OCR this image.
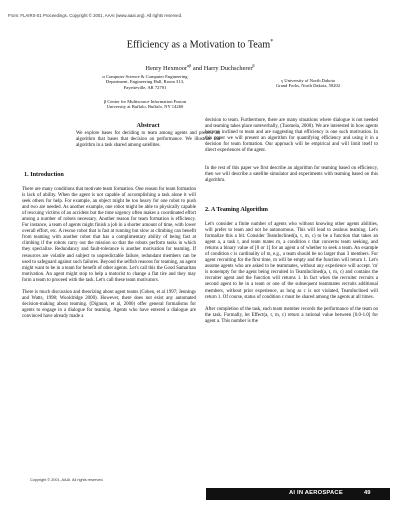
From: FLAIRS-01 Proceedings. Copyright © 2001, AAAI (www.aaai.org). All rights reserved.
Efficiency as a Motivation to Team*
Henry Hexmoor$^{\alpha\beta}$ and Harry Duchscherer$^\beta$
α Computer Science & Computer Engineering
Department, Engineering Hall, Room 313,
Fayetteville, AR 72701
γ University of North Dakota
Grand Forks, North Dakota, 58202
β Center for Multisource Information Fusion
University at Buffalo, Buffalo, NY 14260
Abstract
We explore bases for deciding to team among agents and present an algorithm that bases that decision on performance. We illustrate the algorithm in a task shared among satellites.
1. Introduction

There are many conditions that motivate team formation. One reason for team formation is lack of ability. When the agent is not capable of accomplishing a task alone it will seek others for help. For example, an object might be too heavy for one robot to push and two are needed. As another example, one robot might be able to physically capable of rescuing victims of an accident but the time urgency often makes a coordinated effort among a number of robots necessary. Another reason for team formation is efficiency. For instance, a team of agents might finish a job in a shorter amount of time, with lower overall effort, etc. A rescue robot that is fast at running but slow at climbing can benefit from teaming with another robot that has a complimentary ability of being fast at climbing if the robots carry out the mission so that the robots perform tasks in which they specialize. Redundancy and fault-tolerance is another motivation for teaming. If resources are volatile and subject to unpredictable failure, redundant members can be used to safeguard against such failures. Beyond the selfish reasons for teaming, an agent might want to be in a team for benefit of other agents. Let's call this the Good Samaritan motivation. An agent might stop to help a motorist to change a flat tire and they may form a team to proceed with the task. Let's call these team motivators.

There is much discussion and theorizing about agent teams (Cohen, et al 1997; Jennings and Watts, 1998; Wooldridge 2000). However, there does not exist any automated decision-making about teaming. (Dignum, et al, 2000) offer general formalisms for agents to engage in a dialogue for teaming. Agents who have entered a dialogue are convinced have already made a

decision to team. Furthermore, there are many situations where dialogue is not needed and teaming takes place noteverbally, (Tuomela, 2000). We are interested in how agents become inclined to team and are suggesting that efficiency is one such motivation. In this paper we will present an algorithm for quantifying efficiency and using it in a decision for team formation. Our approach will be empirical and will limit itself to direct experiences of the agent.
In the rest of this paper we first describe an algorithm for teaming based on efficiency, then we will describe a satellite simulator and experiments with teaming based on this algorithm.
2. A Teaming Algorithm

Let's consider a finite number of agents who without knowing other agents abilities, will prefer to team and not be autonomous. This will lead to zealous teaming. Let's formalize this a bit. Consider TeamInclined(a, t, m, c) to be a function that takes an agent a, a task t, and team mates m, a condition c that concerns team seeking, and returns a binary value of [0 or 1] for an agent a of whether to seek a team. An example of condition c is cardinality of m, e.g., a team should be no larger than 3 members. For agent recruiting for the first time, m will be empty and the function will return 1. Let's assume agents who are asked to be teammates, without any experience will accept. 'm' is nonempty for the agent being recruited in TeamInclined(a, t, m, c) and contains the recruiter agent and the function will returns 1. In fact when the recruiter recruits a second agent to be in a team or one of the subsequent teammates recruits additional members, without prior experience, as long as c is not violated, TeamInclined will return 1. Of course, status of condition c must be shared among the agents at all times.

After completion of the task, each team member records the performance of the team on the task. Formally, let Effect(a, t, m, c) return a rational value between [0.0-1.0] for agent a. This number is the

Copyright © 2001, AAAI. All rights reserved.
AI IN AEROSPACE	49
